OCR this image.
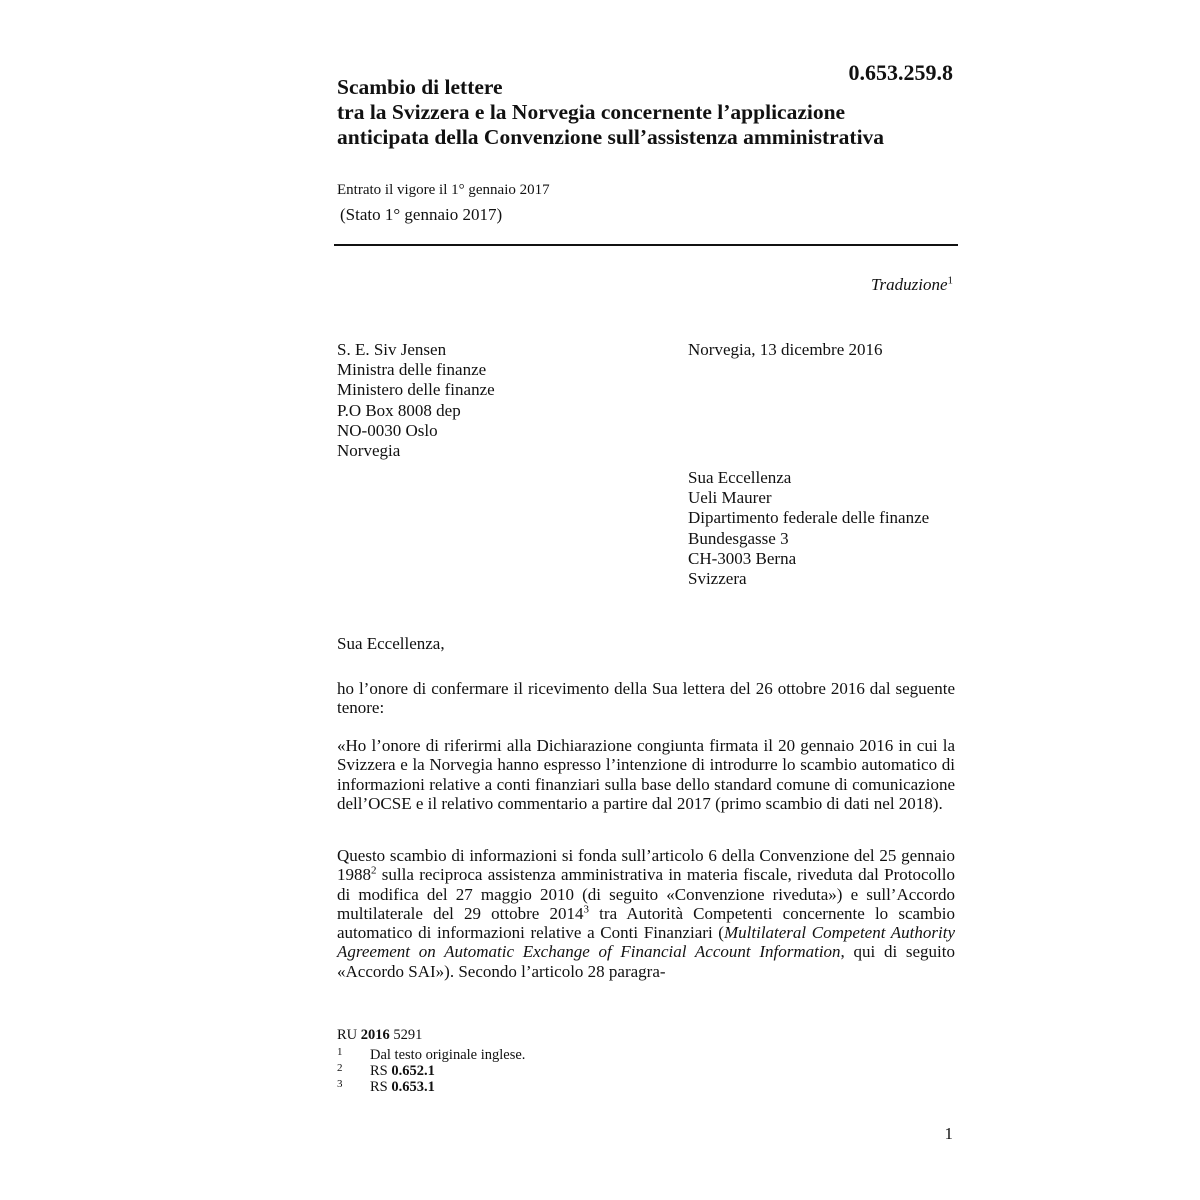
0.653.259.8

Scambio di lettere
tra la Svizzera e la Norvegia concernente l’applicazione
anticipata della Convenzione sull’assistenza amministrativa

Entrato il vigore il 1° gennaio 2017

(Stato 1° gennaio 2017)

Traduzione$^1$

S. E. Siv Jensen
Ministra delle finanze
Ministero delle finanze
P.O Box 8008 dep
NO-0030 Oslo
Norvegia

Norvegia, 13 dicembre 2016

Sua Eccellenza
Ueli Maurer
Dipartimento federale delle finanze
Bundesgasse 3
CH-3003 Berna
Svizzera

Sua Eccellenza,

ho l’onore di confermare il ricevimento della Sua lettera del 26 ottobre 2016 dal seguente tenore:

«Ho l’onore di riferirmi alla Dichiarazione congiunta firmata il 20 gennaio 2016 in cui la Svizzera e la Norvegia hanno espresso l’intenzione di introdurre lo scambio automatico di informazioni relative a conti finanziari sulla base dello standard comune di comunicazione dell’OCSE e il relativo commentario a partire dal 2017 (primo scambio di dati nel 2018).

Questo scambio di informazioni si fonda sull’articolo 6 della Convenzione del 25 gennaio 1988$^2$ sulla reciproca assistenza amministrativa in materia fiscale, riveduta dal Protocollo di modifica del 27 maggio 2010 (di seguito «Convenzione riveduta») e sull’Accordo multilaterale del 29 ottobre 2014$^3$ tra Autorità Competenti concernente lo scambio automatico di informazioni relative a Conti Finanziari (Multilateral Competent Authority Agreement on Automatic Exchange of Financial Account Information, qui di seguito «Accordo SAI»). Secondo l’articolo 28 paragra-

RU 2016 5291

1 Dal testo originale inglese.
2 RS 0.652.1
3 RS 0.653.1

1
